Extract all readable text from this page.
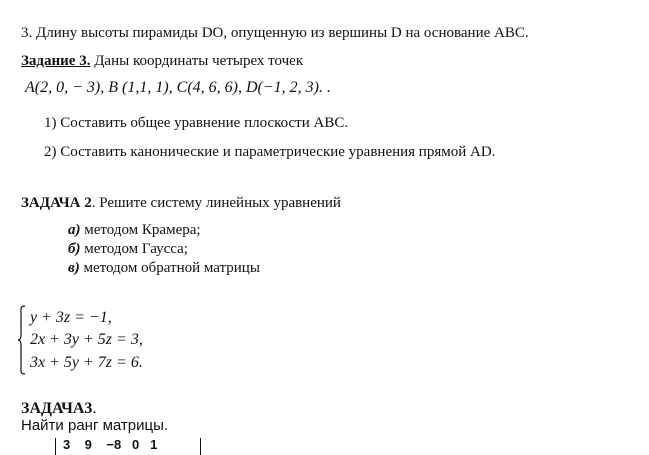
3. Длину высоты пирамиды DO, опущенную из вершины D на основание ABC.
Задание 3. Даны координаты четырех точек
A(2, 0, − 3), B (1,1, 1), C(4, 6, 6), D(−1, 2, 3). .
1) Составить общее уравнение плоскости ABC.
2) Составить канонические и параметрические уравнения прямой AD.
ЗАДАЧА 2. Решите систему линейных уравнений
а) методом Крамера;
б) методом Гаусса;
в) методом обратной матрицы
y + 3z = −1,
2x + 3y + 5z = 3,
3x + 5y + 7z = 6.
ЗАДАЧА3.
Найти ранг матрицы.
3    9    −8   0   1
